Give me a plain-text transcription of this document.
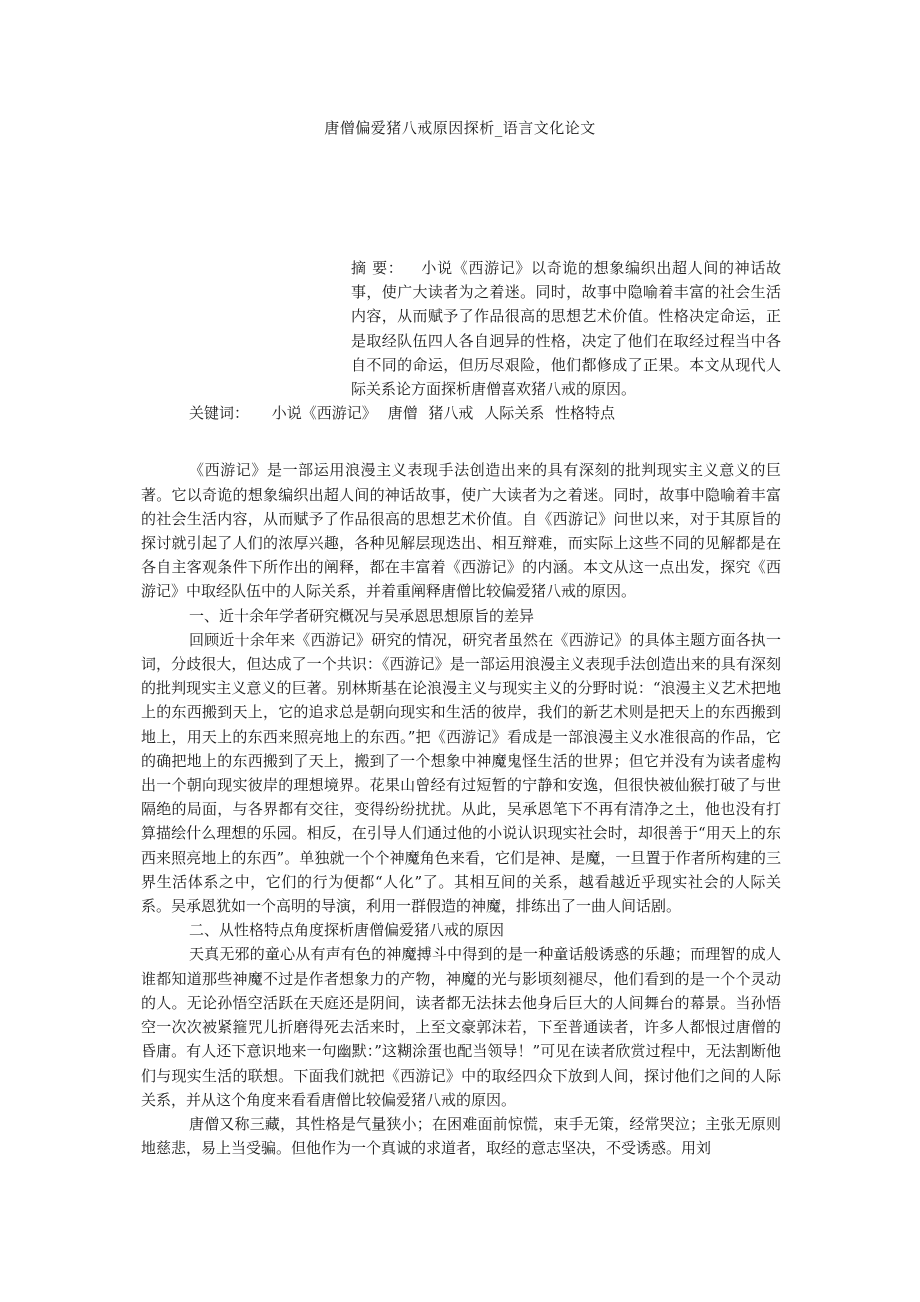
唐僧偏爱猪八戒原因探析_语言文化论文

摘 要： 小说《西游记》以奇诡的想象编织出超人间的神话故事，使广大读者为之着迷。同时，故事中隐喻着丰富的社会生活内容，从而赋予了作品很高的思想艺术价值。性格决定命运，正是取经队伍四人各自迥异的性格，决定了他们在取经过程当中各自不同的命运，但历尽艰险，他们都修成了正果。本文从现代人际关系论方面探析唐僧喜欢猪八戒的原因。

关键词： 小说《西游记》 唐僧 猪八戒 人际关系 性格特点

《西游记》是一部运用浪漫主义表现手法创造出来的具有深刻的批判现实主义意义的巨著。它以奇诡的想象编织出超人间的神话故事，使广大读者为之着迷。同时，故事中隐喻着丰富的社会生活内容，从而赋予了作品很高的思想艺术价值。自《西游记》问世以来，对于其原旨的探讨就引起了人们的浓厚兴趣，各种见解层现迭出、相互辩难，而实际上这些不同的见解都是在各自主客观条件下所作出的阐释，都在丰富着《西游记》的内涵。本文从这一点出发，探究《西游记》中取经队伍中的人际关系，并着重阐释唐僧比较偏爱猪八戒的原因。

一、近十余年学者研究概况与吴承恩思想原旨的差异

回顾近十余年来《西游记》研究的情况，研究者虽然在《西游记》的具体主题方面各执一词，分歧很大，但达成了一个共识：《西游记》是一部运用浪漫主义表现手法创造出来的具有深刻的批判现实主义意义的巨著。别林斯基在论浪漫主义与现实主义的分野时说：“浪漫主义艺术把地上的东西搬到天上，它的追求总是朝向现实和生活的彼岸，我们的新艺术则是把天上的东西搬到地上，用天上的东西来照亮地上的东西。”把《西游记》看成是一部浪漫主义水准很高的作品，它的确把地上的东西搬到了天上，搬到了一个想象中神魔鬼怪生活的世界；但它并没有为读者虚构出一个朝向现实彼岸的理想境界。花果山曾经有过短暂的宁静和安逸，但很快被仙猴打破了与世隔绝的局面，与各界都有交往，变得纷纷扰扰。从此，吴承恩笔下不再有清净之土，他也没有打算描绘什么理想的乐园。相反，在引导人们通过他的小说认识现实社会时，却很善于“用天上的东西来照亮地上的东西”。单独就一个个神魔角色来看，它们是神、是魔，一旦置于作者所构建的三界生活体系之中，它们的行为便都“人化”了。其相互间的关系，越看越近乎现实社会的人际关系。吴承恩犹如一个高明的导演，利用一群假造的神魔，排练出了一曲人间话剧。

二、从性格特点角度探析唐僧偏爱猪八戒的原因

天真无邪的童心从有声有色的神魔搏斗中得到的是一种童话般诱惑的乐趣；而理智的成人谁都知道那些神魔不过是作者想象力的产物，神魔的光与影顷刻褪尽，他们看到的是一个个灵动的人。无论孙悟空活跃在天庭还是阴间，读者都无法抹去他身后巨大的人间舞台的幕景。当孙悟空一次次被紧箍咒儿折磨得死去活来时，上至文豪郭沫若，下至普通读者，许多人都恨过唐僧的昏庸。有人还下意识地来一句幽默：”这糊涂蛋也配当领导！”可见在读者欣赏过程中，无法割断他们与现实生活的联想。下面我们就把《西游记》中的取经四众下放到人间，探讨他们之间的人际关系，并从这个角度来看看唐僧比较偏爱猪八戒的原因。

唐僧又称三藏，其性格是气量狭小；在困难面前惊慌，束手无策，经常哭泣；主张无原则地慈悲，易上当受骗。但他作为一个真诚的求道者，取经的意志坚决，不受诱惑。用刘
